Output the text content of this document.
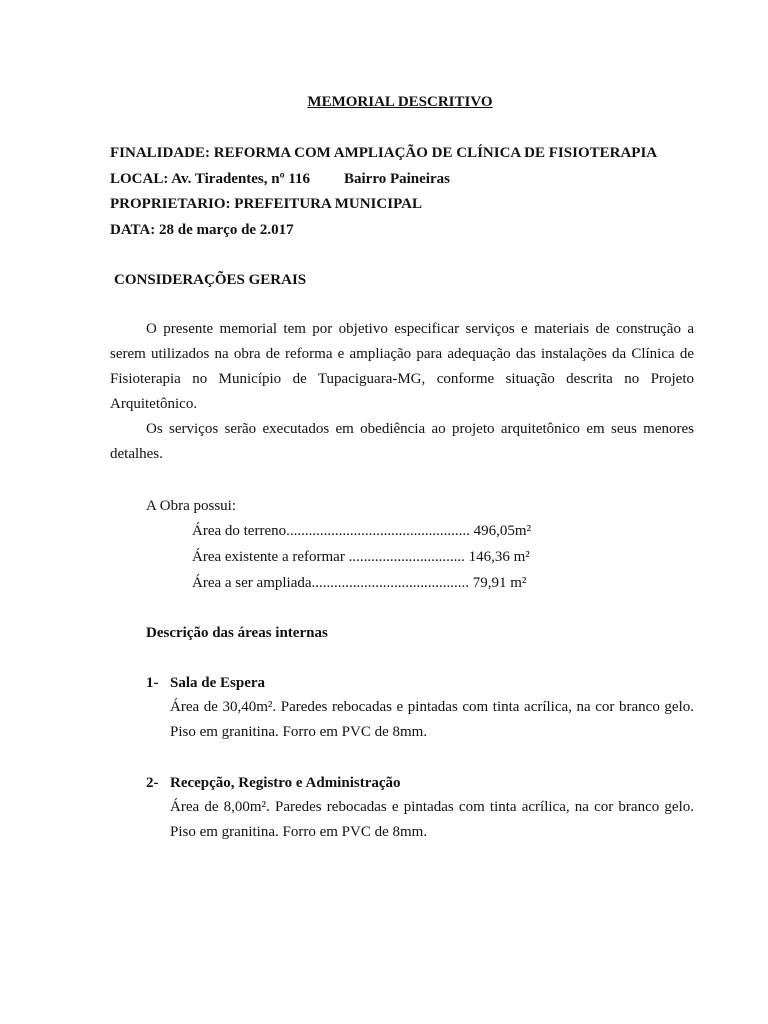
MEMORIAL DESCRITIVO
FINALIDADE: REFORMA COM AMPLIAÇÃO DE CLÍNICA DE FISIOTERAPIA
LOCAL: Av. Tiradentes, nº 116 Bairro Paineiras
PROPRIETARIO: PREFEITURA MUNICIPAL
DATA: 28 de março de 2.017
CONSIDERAÇÕES GERAIS
O presente memorial tem por objetivo especificar serviços e materiais de construção a serem utilizados na obra de reforma e ampliação para adequação das instalações da Clínica de Fisioterapia no Município de Tupaciguara-MG, conforme situação descrita no Projeto Arquitetônico.
Os serviços serão executados em obediência ao projeto arquitetônico em seus menores detalhes.
A Obra possui:
Área do terreno................................................. 496,05m²
Área existente a reformar ............................... 146,36 m²
Área a ser ampliada.......................................... 79,91 m²
Descrição das áreas internas
1- Sala de Espera
Área de 30,40m². Paredes rebocadas e pintadas com tinta acrílica, na cor branco gelo. Piso em granitina. Forro em PVC de 8mm.
2- Recepção, Registro e Administração
Área de 8,00m². Paredes rebocadas e pintadas com tinta acrílica, na cor branco gelo. Piso em granitina. Forro em PVC de 8mm.
